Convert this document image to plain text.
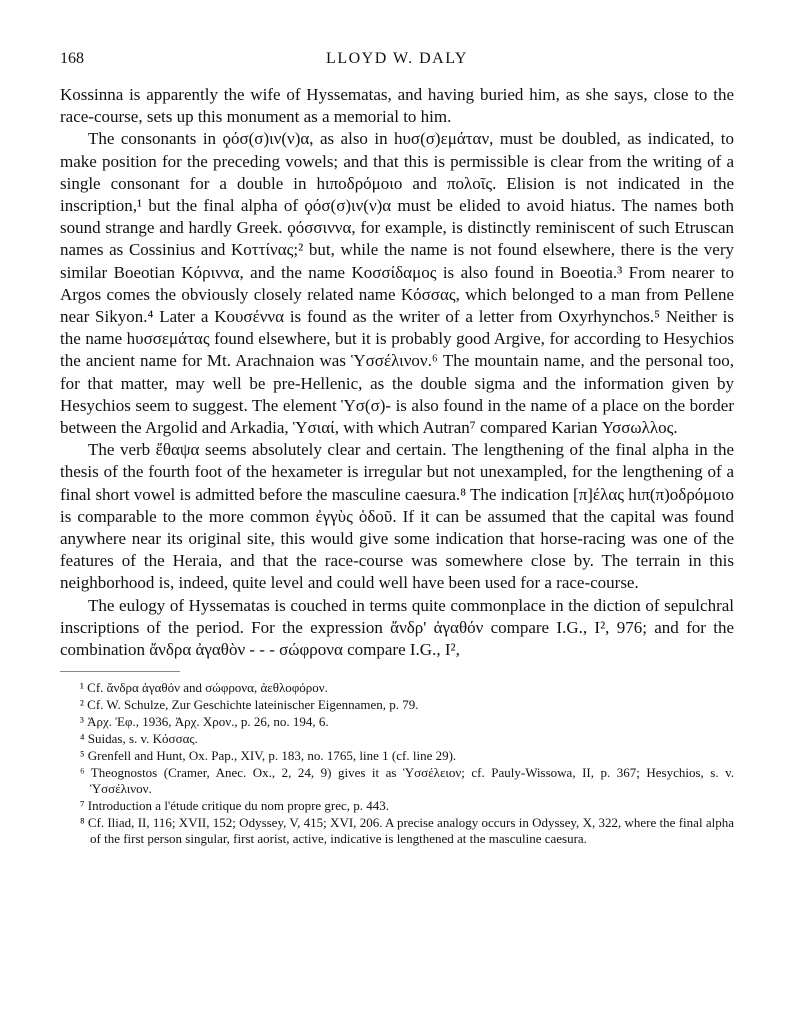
168	LLOYD W. DALY

Kossinna is apparently the wife of Hyssematas, and having buried him, as she says, close to the race-course, sets up this monument as a memorial to him.

The consonants in ϙόσ(σ)ιν(ν)α, as also in hυσ(σ)εμάταν, must be doubled, as indicated, to make position for the preceding vowels; and that this is permissible is clear from the writing of a single consonant for a double in hιποδρόμοιο and πολοῖς. Elision is not indicated in the inscription,¹ but the final alpha of ϙόσ(σ)ιν(ν)α must be elided to avoid hiatus. The names both sound strange and hardly Greek. ϙόσσιννα, for example, is distinctly reminiscent of such Etruscan names as Cossinius and Κοττίνας;² but, while the name is not found elsewhere, there is the very similar Boeotian Κόριννα, and the name Κοσσίδαμος is also found in Boeotia.³ From nearer to Argos comes the obviously closely related name Κόσσας, which belonged to a man from Pellene near Sikyon.⁴ Later a Κουσέννα is found as the writer of a letter from Oxyrhynchos.⁵ Neither is the name hυσσεμάτας found elsewhere, but it is probably good Argive, for according to Hesychios the ancient name for Mt. Arachnaion was Ὑσσέλινον.⁶ The mountain name, and the personal too, for that matter, may well be pre-Hellenic, as the double sigma and the information given by Hesychios seem to suggest. The element Ὑσ(σ)- is also found in the name of a place on the border between the Argolid and Arkadia, Ὑσιαί, with which Autran⁷ compared Karian Υσσωλλος.

The verb ἔθαψα seems absolutely clear and certain. The lengthening of the final alpha in the thesis of the fourth foot of the hexameter is irregular but not unexampled, for the lengthening of a final short vowel is admitted before the masculine caesura.⁸ The indication [π]έλας hιπ(π)οδρόμοιο is comparable to the more common ἐγγὺς ὁδοῦ. If it can be assumed that the capital was found anywhere near its original site, this would give some indication that horse-racing was one of the features of the Heraia, and that the race-course was somewhere close by. The terrain in this neighborhood is, indeed, quite level and could well have been used for a race-course.

The eulogy of Hyssematas is couched in terms quite commonplace in the diction of sepulchral inscriptions of the period. For the expression ἄνδρ' ἀγαθόν compare I.G., I², 976; and for the combination ἄνδρα ἀγαθὸν - - - σώφρονα compare I.G., I²,

¹ Cf. ἄνδρα ἀγαθόν and σώφρονα, ἀεθλοφόρον.

² Cf. W. Schulze, Zur Geschichte lateinischer Eigennamen, p. 79.

³ Ἀρχ. Ἐφ., 1936, Ἀρχ. Χρον., p. 26, no. 194, 6.

⁴ Suidas, s. v. Κόσσας.

⁵ Grenfell and Hunt, Ox. Pap., XIV, p. 183, no. 1765, line 1 (cf. line 29).

⁶ Theognostos (Cramer, Anec. Ox., 2, 24, 9) gives it as Ὑσσέλειον; cf. Pauly-Wissowa, II, p. 367; Hesychios, s. v. Ὑσσέλινον.

⁷ Introduction a l'étude critique du nom propre grec, p. 443.

⁸ Cf. Iliad, II, 116; XVII, 152; Odyssey, V, 415; XVI, 206. A precise analogy occurs in Odyssey, X, 322, where the final alpha of the first person singular, first aorist, active, indicative is lengthened at the masculine caesura.
